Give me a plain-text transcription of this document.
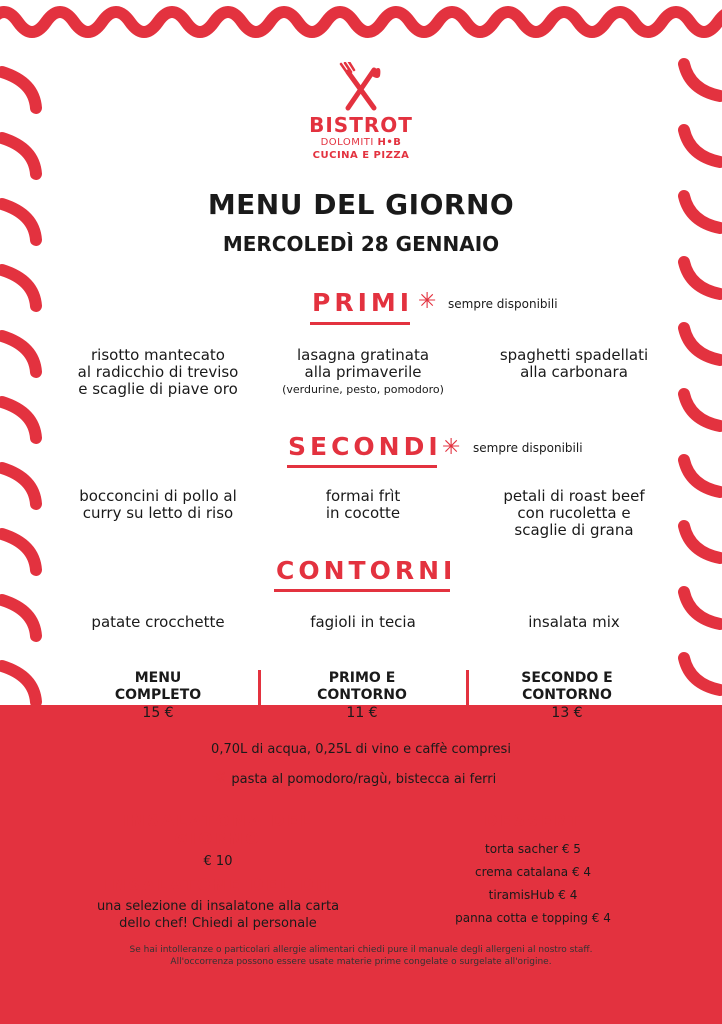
BISTROT
DOLOMITI H•B
CUCINA E PIZZA
MENU DEL GIORNO
MERCOLEDÌ 28 GENNAIO
PRIMI ✳ sempre disponibili
risotto mantecato
al radicchio di treviso
e scaglie di piave oro
lasagna gratinata
alla primaverile
(verdurine, pesto, pomodoro)
spaghetti spadellati
alla carbonara
SECONDI ✳ sempre disponibili
bocconcini di pollo al
curry su letto di riso
formai frìt
in cocotte
petali di roast beef
con rucoletta e
scaglie di grana
CONTORNI
patate crocchette	fagioli in tecia	insalata mix
MENU
COMPLETO
15 €
PRIMO E
CONTORNO
11 €
SECONDO E
CONTORNO
13 €
0,70L di acqua, 0,25L di vino e caffè compresi
✳ pasta al pomodoro/ragù, bistecca ai ferri
INSALATONA DEL
GIORNO
€ 10
INSALATONE DEL DH
una selezione di insalatone alla carta
dello chef! Chiedi al personale
DESSERT
torta sacher € 5
crema catalana € 4
tiramisHub € 4
panna cotta e topping € 4
Se hai intolleranze o particolari allergie alimentari chiedi pure il manuale degli allergeni al nostro staff.
All'occorrenza possono essere usate materie prime congelate o surgelate all'origine.
